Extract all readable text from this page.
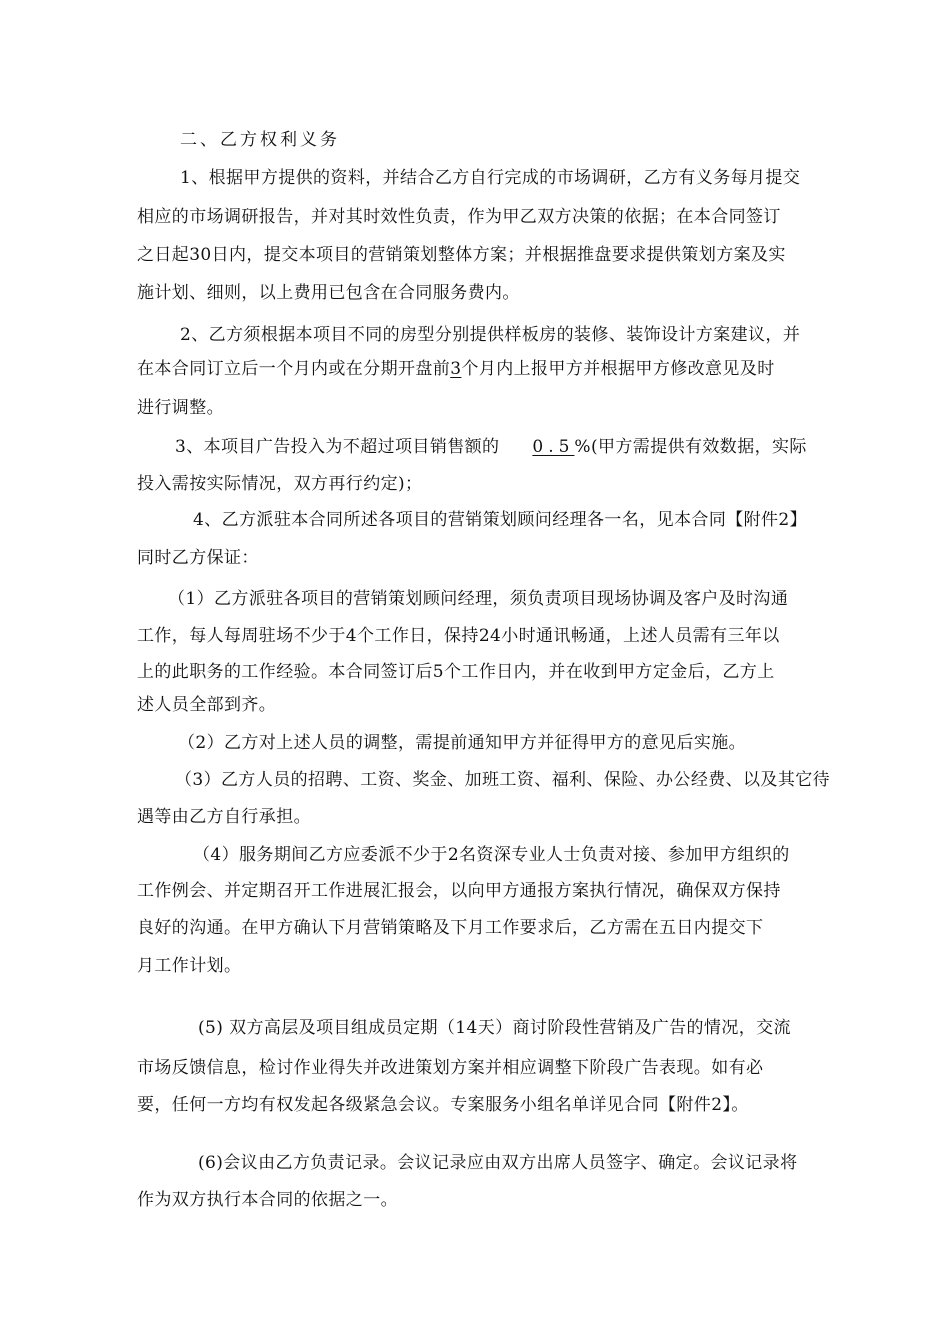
二、乙方权利义务

1、根据甲方提供的资料，并结合乙方自行完成的市场调研，乙方有义务每月提交

相应的市场调研报告，并对其时效性负责，作为甲乙双方决策的依据；在本合同签订

之日起30日内，提交本项目的营销策划整体方案；并根据推盘要求提供策划方案及实

施计划、细则，以上费用已包含在合同服务费内。

2、乙方须根据本项目不同的房型分别提供样板房的装修、装饰设计方案建议，并

在本合同订立后一个月内或在分期开盘前3个月内上报甲方并根据甲方修改意见及时

进行调整。

3、本项目广告投入为不超过项目销售额的 0.5%(甲方需提供有效数据，实际

投入需按实际情况，双方再行约定)；

4、乙方派驻本合同所述各项目的营销策划顾问经理各一名，见本合同【附件2】

同时乙方保证：

（1）乙方派驻各项目的营销策划顾问经理，须负责项目现场协调及客户及时沟通

工作，每人每周驻场不少于4个工作日，保持24小时通讯畅通，上述人员需有三年以

上的此职务的工作经验。本合同签订后5个工作日内，并在收到甲方定金后，乙方上

述人员全部到齐。

（2）乙方对上述人员的调整，需提前通知甲方并征得甲方的意见后实施。

（3）乙方人员的招聘、工资、奖金、加班工资、福利、保险、办公经费、以及其它待

遇等由乙方自行承担。

（4）服务期间乙方应委派不少于2名资深专业人士负责对接、参加甲方组织的

工作例会、并定期召开工作进展汇报会，以向甲方通报方案执行情况，确保双方保持

良好的沟通。在甲方确认下月营销策略及下月工作要求后，乙方需在五日内提交下

月工作计划。

(5) 双方高层及项目组成员定期（14天）商讨阶段性营销及广告的情况，交流

市场反馈信息，检讨作业得失并改进策划方案并相应调整下阶段广告表现。如有必

要，任何一方均有权发起各级紧急会议。专案服务小组名单详见合同【附件2】。

(6)会议由乙方负责记录。会议记录应由双方出席人员签字、确定。会议记录将

作为双方执行本合同的依据之一。
